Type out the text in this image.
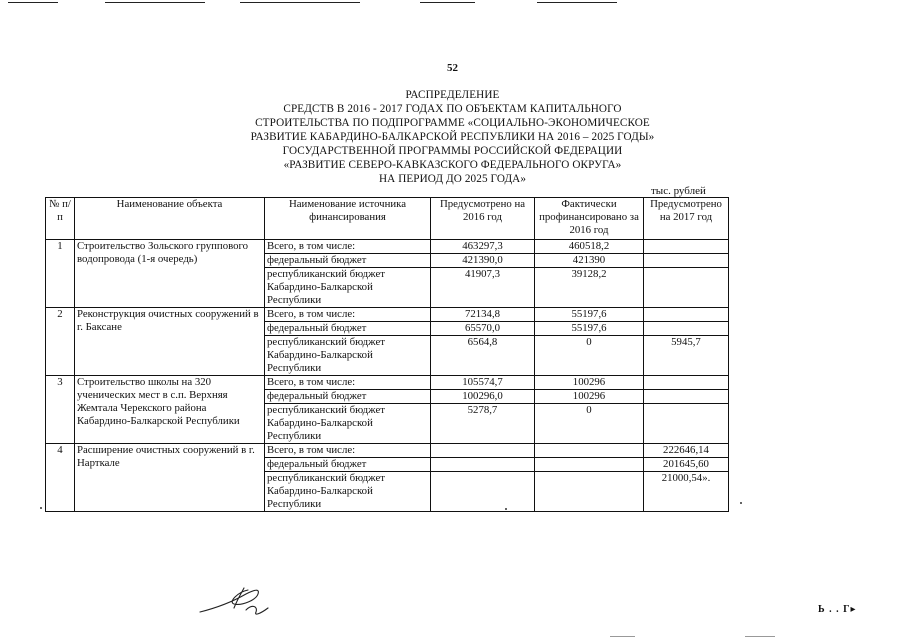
52
РАСПРЕДЕЛЕНИЕ
СРЕДСТВ В 2016 - 2017 ГОДАХ ПО ОБЪЕКТАМ КАПИТАЛЬНОГО
СТРОИТЕЛЬСТВА ПО ПОДПРОГРАММЕ «СОЦИАЛЬНО-ЭКОНОМИЧЕСКОЕ
РАЗВИТИЕ КАБАРДИНО-БАЛКАРСКОЙ РЕСПУБЛИКИ НА 2016 – 2025 ГОДЫ»
ГОСУДАРСТВЕННОЙ ПРОГРАММЫ РОССИЙСКОЙ ФЕДЕРАЦИИ
«РАЗВИТИЕ СЕВЕРО-КАВКАЗСКОГО ФЕДЕРАЛЬНОГО ОКРУГА»
НА ПЕРИОД ДО 2025 ГОДА»
тыс. рублей
№ п/п	Наименование объекта	Наименование источника финансирования	Предусмотрено на 2016 год	Фактически профинансировано за 2016 год	Предусмотрено на 2017 год
1	Строительство Зольского группового водопровода (1-я очередь)	Всего, в том числе:	463297,3	460518,2	
		федеральный бюджет	421390,0	421390	
		республиканский бюджет Кабардино-Балкарской Республики	41907,3	39128,2	
2	Реконструкция очистных сооружений в г. Баксане	Всего, в том числе:	72134,8	55197,6	
		федеральный бюджет	65570,0	55197,6	
		республиканский бюджет Кабардино-Балкарской Республики	6564,8	0	5945,7
3	Строительство школы на 320 ученических мест в с.п. Верхняя Жемтала Черекского района Кабардино-Балкарской Республики	Всего, в том числе:	105574,7	100296	
		федеральный бюджет	100296,0	100296	
		республиканский бюджет Кабардино-Балкарской Республики	5278,7	0	
4	Расширение очистных сооружений в г. Нарткале	Всего, в том числе:			222646,14
		федеральный бюджет			201645,60
		республиканский бюджет Кабардино-Балкарской Республики			21000,54».
Ь . . Г▸
